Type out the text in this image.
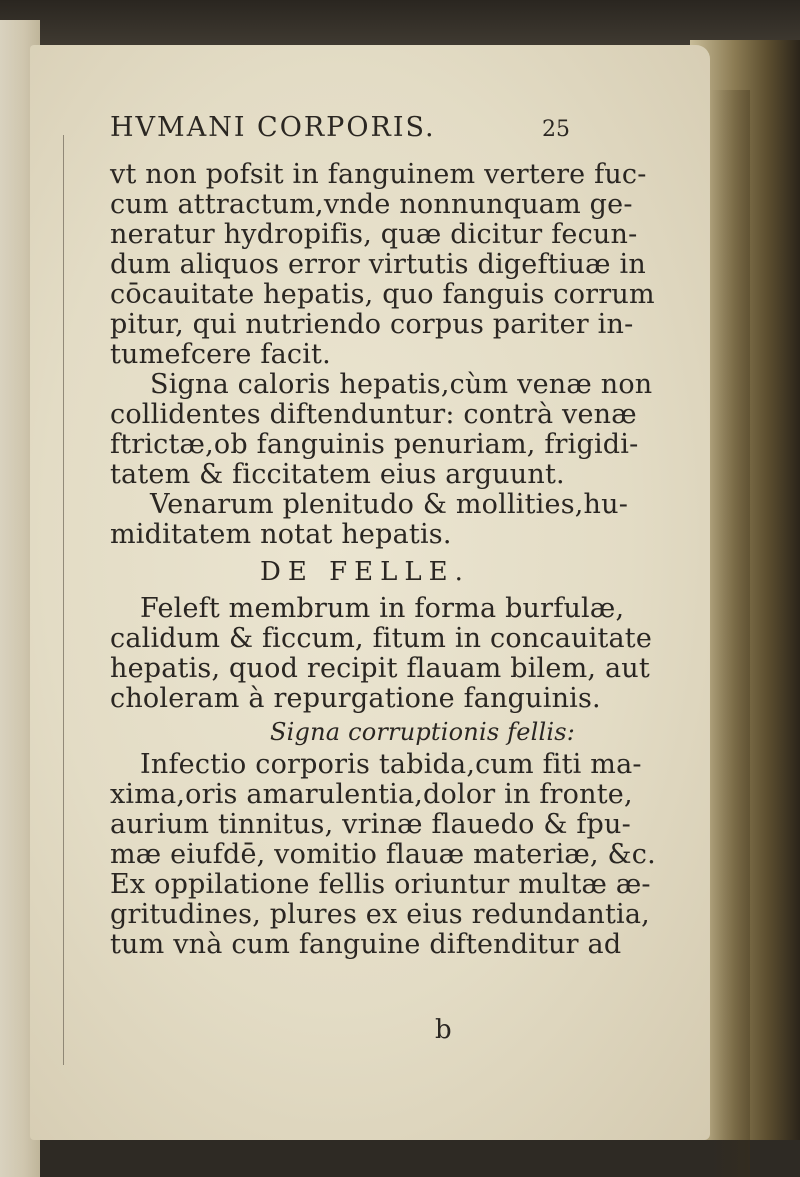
HVMANI CORPORIS.	25
vt non pofsit in fanguinem vertere fuc-
cum attractum,vnde nonnunquam ge-
neratur hydropifis, quæ dicitur fecun-
dum aliquos error virtutis digeftiuæ in
cōcauitate hepatis, quo fanguis corrum
pitur, qui nutriendo corpus pariter in-
tumefcere facit.
Signa caloris hepatis,cùm venæ non
collidentes diftenduntur: contrà venæ
ftrictæ,ob fanguinis penuriam, frigidi-
tatem & ficcitatem eius arguunt.
Venarum plenitudo & mollities,hu-
miditatem notat hepatis.
DE FELLE.
Feleft membrum in forma burfulæ,
calidum & ficcum, fitum in concauitate
hepatis, quod recipit flauam bilem, aut
choleram à repurgatione fanguinis.
Signa corruptionis fellis:
Infectio corporis tabida,cum fiti ma-
xima,oris amarulentia,dolor in fronte,
aurium tinnitus, vrinæ flauedo & fpu-
mæ eiufdē, vomitio flauæ materiæ, &c.
Ex oppilatione fellis oriuntur multæ æ-
gritudines, plures ex eius redundantia,
tum vnà cum fanguine diftenditur ad
b
